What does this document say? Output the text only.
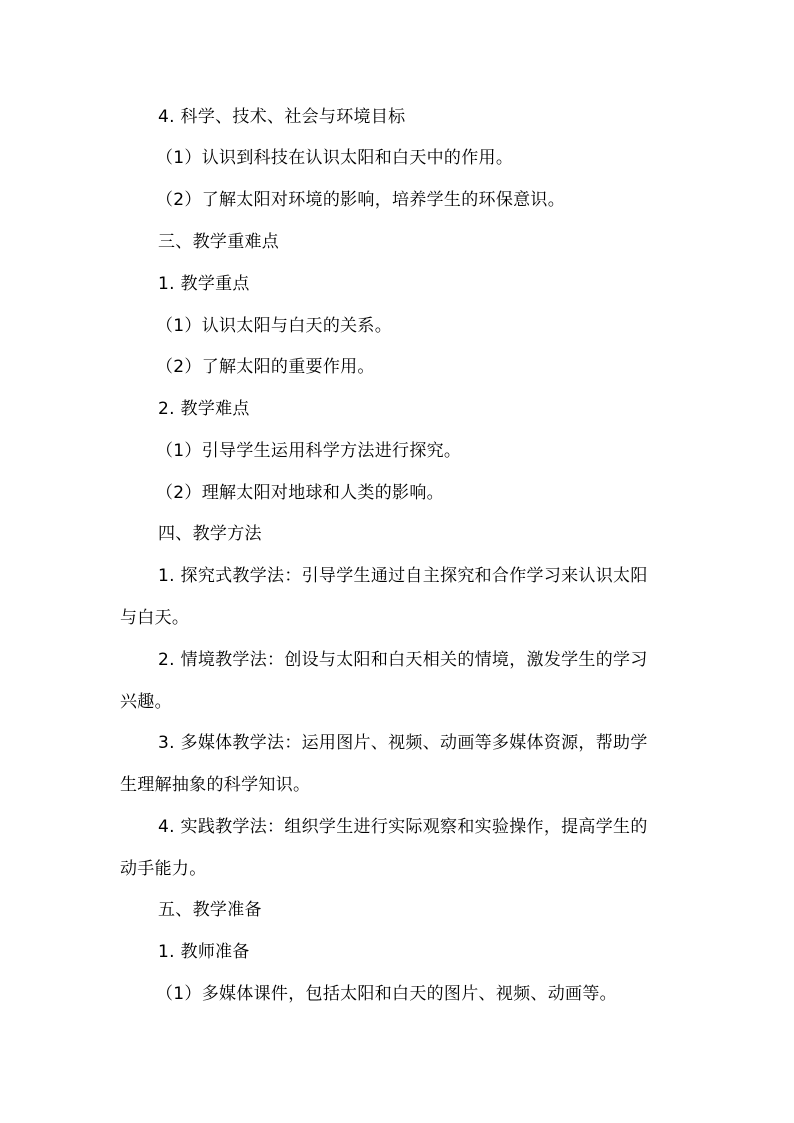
4. 科学、技术、社会与环境目标
（1）认识到科技在认识太阳和白天中的作用。
（2）了解太阳对环境的影响，培养学生的环保意识。
三、教学重难点
1. 教学重点
（1）认识太阳与白天的关系。
（2）了解太阳的重要作用。
2. 教学难点
（1）引导学生运用科学方法进行探究。
（2）理解太阳对地球和人类的影响。
四、教学方法
1. 探究式教学法：引导学生通过自主探究和合作学习来认识太阳
与白天。
2. 情境教学法：创设与太阳和白天相关的情境，激发学生的学习
兴趣。
3. 多媒体教学法：运用图片、视频、动画等多媒体资源，帮助学
生理解抽象的科学知识。
4. 实践教学法：组织学生进行实际观察和实验操作，提高学生的
动手能力。
五、教学准备
1. 教师准备
（1）多媒体课件，包括太阳和白天的图片、视频、动画等。
